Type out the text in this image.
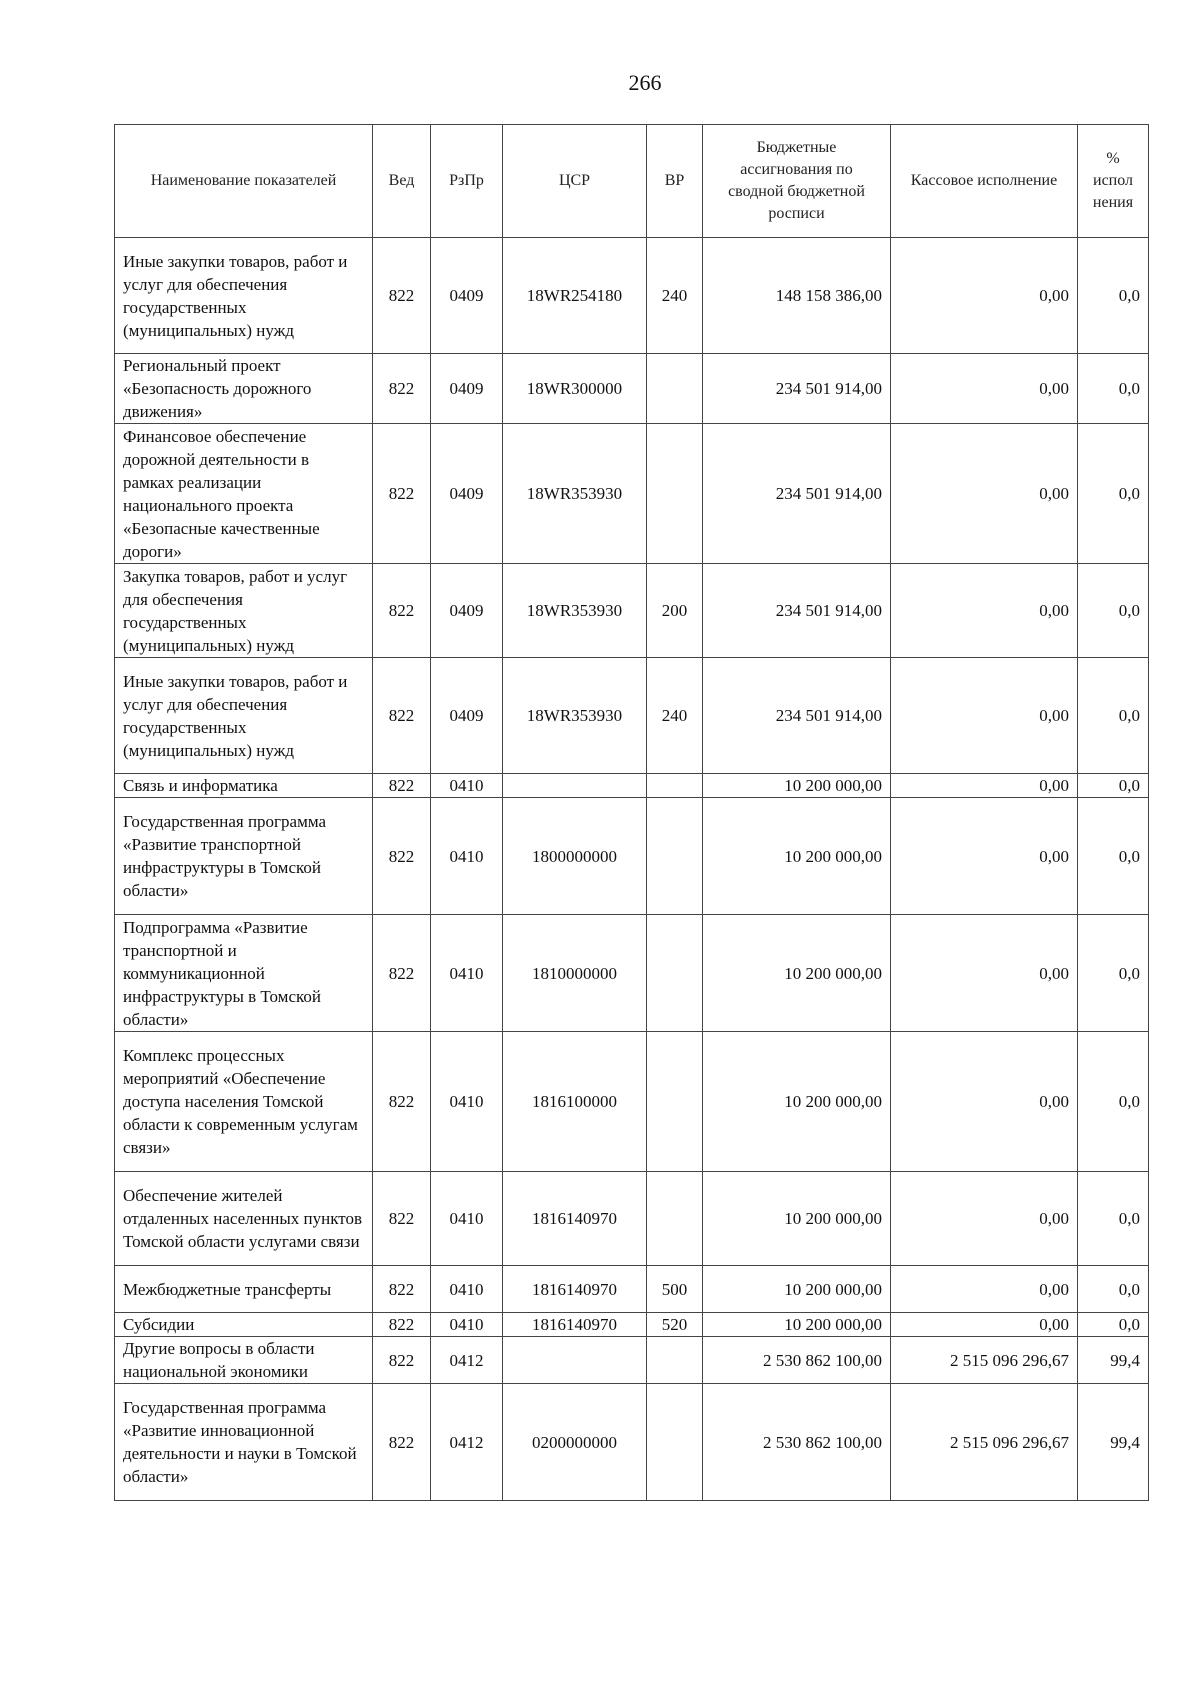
266
Наименование показателей	Вед	РзПр	ЦСР	ВР	Бюджетные ассигнования по сводной бюджетной росписи	Кассовое исполнение	% испол нения
Иные закупки товаров, работ и услуг для обеспечения государственных (муниципальных) нужд	822	0409	18WR254180	240	148 158 386,00	0,00	0,0
Региональный проект «Безопасность дорожного движения»	822	0409	18WR300000		234 501 914,00	0,00	0,0
Финансовое обеспечение дорожной деятельности в рамках реализации национального проекта «Безопасные качественные дороги»	822	0409	18WR353930		234 501 914,00	0,00	0,0
Закупка товаров, работ и услуг для обеспечения государственных (муниципальных) нужд	822	0409	18WR353930	200	234 501 914,00	0,00	0,0
Иные закупки товаров, работ и услуг для обеспечения государственных (муниципальных) нужд	822	0409	18WR353930	240	234 501 914,00	0,00	0,0
Связь и информатика	822	0410			10 200 000,00	0,00	0,0
Государственная программа «Развитие транспортной инфраструктуры в Томской области»	822	0410	1800000000		10 200 000,00	0,00	0,0
Подпрограмма «Развитие транспортной и коммуникационной инфраструктуры в Томской области»	822	0410	1810000000		10 200 000,00	0,00	0,0
Комплекс процессных мероприятий «Обеспечение доступа населения Томской области к современным услугам связи»	822	0410	1816100000		10 200 000,00	0,00	0,0
Обеспечение жителей отдаленных населенных пунктов Томской области услугами связи	822	0410	1816140970		10 200 000,00	0,00	0,0
Межбюджетные трансферты	822	0410	1816140970	500	10 200 000,00	0,00	0,0
Субсидии	822	0410	1816140970	520	10 200 000,00	0,00	0,0
Другие вопросы в области национальной экономики	822	0412			2 530 862 100,00	2 515 096 296,67	99,4
Государственная программа «Развитие инновационной деятельности и науки в Томской области»	822	0412	0200000000		2 530 862 100,00	2 515 096 296,67	99,4
